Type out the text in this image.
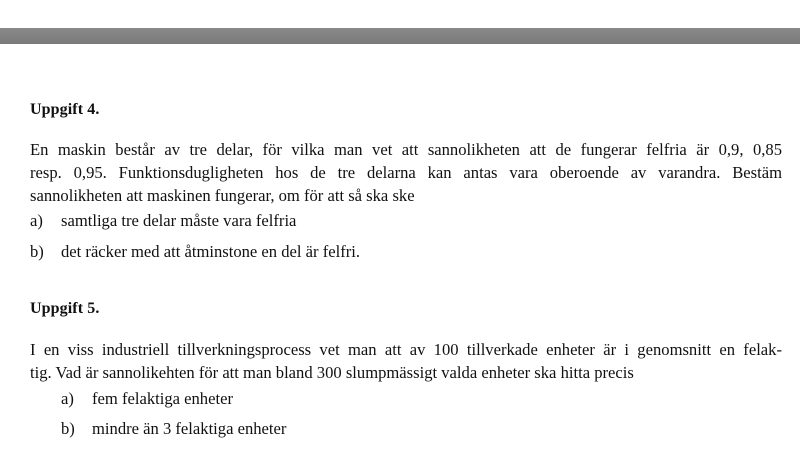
Uppgift 4.
En maskin består av tre delar, för vilka man vet att sannolikheten att de fungerar felfria är 0,9, 0,85
resp. 0,95. Funktionsdugligheten hos de tre delarna kan antas vara oberoende av varandra. Bestäm
sannolikheten att maskinen fungerar, om för att så ska ske
a) samtliga tre delar måste vara felfria
b) det räcker med att åtminstone en del är felfri.
Uppgift 5.
I en viss industriell tillverkningsprocess vet man att av 100 tillverkade enheter är i genomsnitt en felak-
tig. Vad är sannolikehten för att man bland 300 slumpmässigt valda enheter ska hitta precis
a) fem felaktiga enheter
b) mindre än 3 felaktiga enheter
